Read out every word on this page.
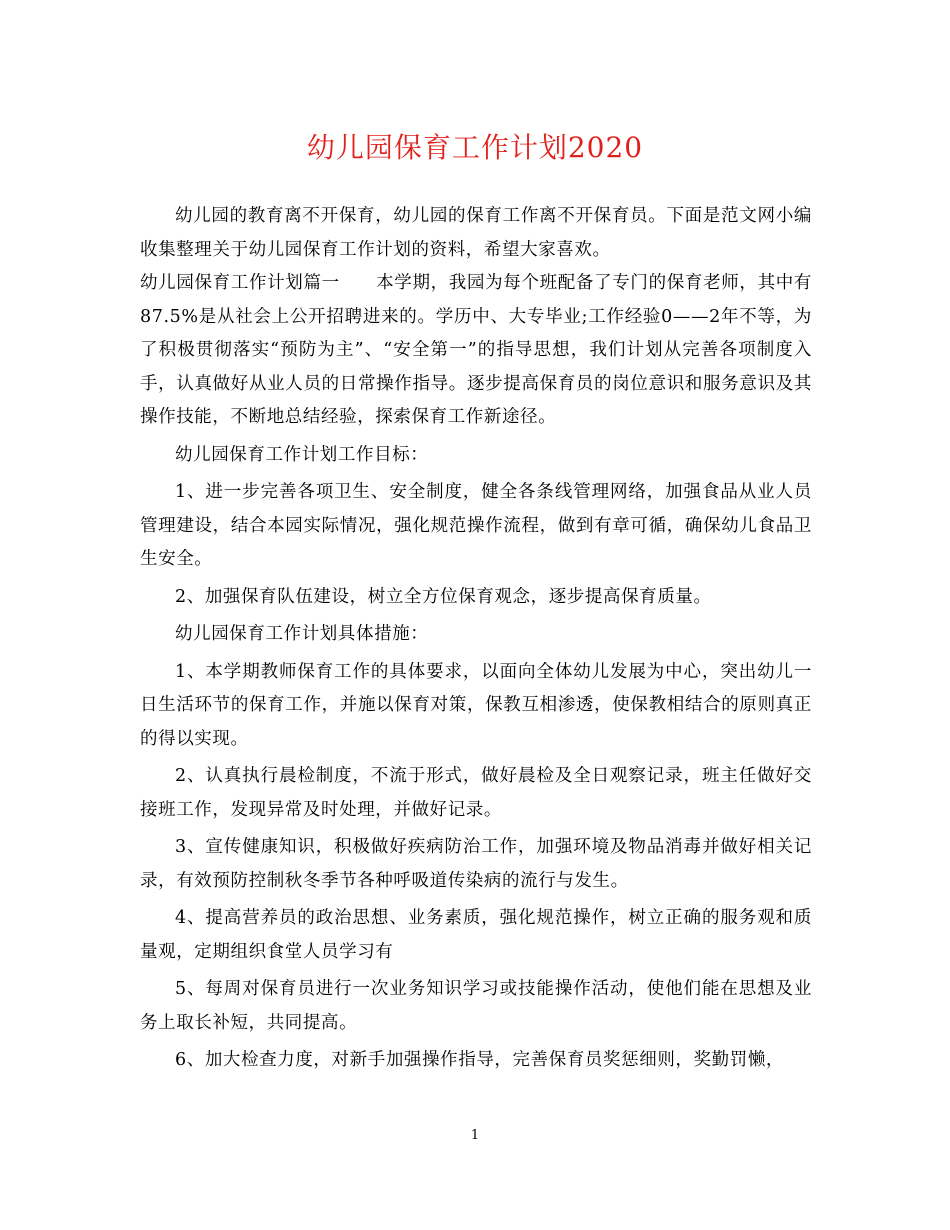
幼儿园保育工作计划2020

幼儿园的教育离不开保育，幼儿园的保育工作离不开保育员。下面是范文网小编收集整理关于幼儿园保育工作计划的资料，希望大家喜欢。

幼儿园保育工作计划篇一　　本学期，我园为每个班配备了专门的保育老师，其中有87.5%是从社会上公开招聘进来的。学历中、大专毕业;工作经验0——2年不等，为了积极贯彻落实“预防为主”、“安全第一”的指导思想，我们计划从完善各项制度入手，认真做好从业人员的日常操作指导。逐步提高保育员的岗位意识和服务意识及其操作技能，不断地总结经验，探索保育工作新途径。

幼儿园保育工作计划工作目标：

1、进一步完善各项卫生、安全制度，健全各条线管理网络，加强食品从业人员管理建设，结合本园实际情况，强化规范操作流程，做到有章可循，确保幼儿食品卫生安全。

2、加强保育队伍建设，树立全方位保育观念，逐步提高保育质量。

幼儿园保育工作计划具体措施：

1、本学期教师保育工作的具体要求，以面向全体幼儿发展为中心，突出幼儿一日生活环节的保育工作，并施以保育对策，保教互相渗透，使保教相结合的原则真正的得以实现。

2、认真执行晨检制度，不流于形式，做好晨检及全日观察记录，班主任做好交接班工作，发现异常及时处理，并做好记录。

3、宣传健康知识，积极做好疾病防治工作，加强环境及物品消毒并做好相关记录，有效预防控制秋冬季节各种呼吸道传染病的流行与发生。

4、提高营养员的政治思想、业务素质，强化规范操作，树立正确的服务观和质量观，定期组织食堂人员学习有

5、每周对保育员进行一次业务知识学习或技能操作活动，使他们能在思想及业务上取长补短，共同提高。

6、加大检查力度，对新手加强操作指导，完善保育员奖惩细则，奖勤罚懒，

1
